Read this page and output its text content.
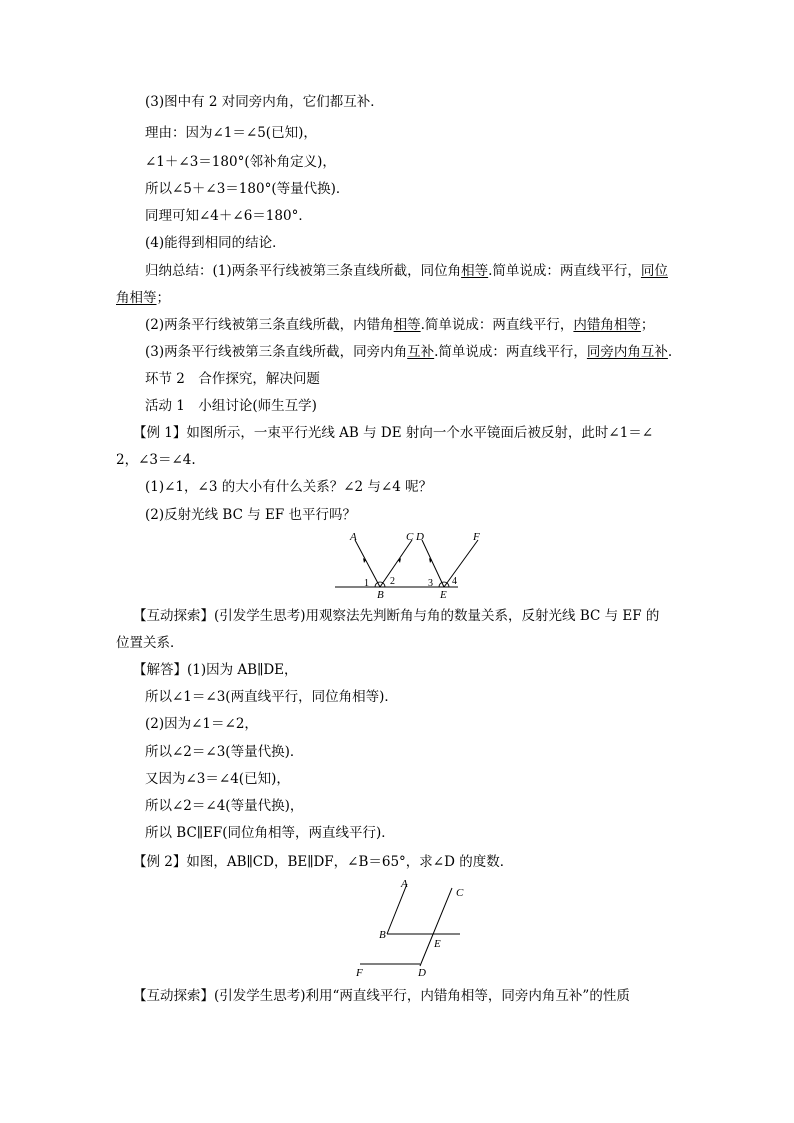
(3)图中有 2 对同旁内角，它们都互补．
理由：因为∠1＝∠5(已知)，
∠1＋∠3＝180°(邻补角定义)，
所以∠5＋∠3＝180°(等量代换)．
同理可知∠4＋∠6＝180°．
(4)能得到相同的结论．
归纳总结：(1)两条平行线被第三条直线所截，同位角相等.简单说成：两直线平行，同位
角相等；
(2)两条平行线被第三条直线所截，内错角相等.简单说成：两直线平行，内错角相等；
(3)两条平行线被第三条直线所截，同旁内角互补.简单说成：两直线平行，同旁内角互补.
环节 2　合作探究，解决问题
活动 1　小组讨论(师生互学)
【例 1】如图所示，一束平行光线 AB 与 DE 射向一个水平镜面后被反射，此时∠1＝∠
2，∠3＝∠4.
(1)∠1，∠3 的大小有什么关系？∠2 与∠4 呢？
(2)反射光线 BC 与 EF 也平行吗？
A	C D	F
B	E
1 2	3 4
【互动探索】(引发学生思考)用观察法先判断角与角的数量关系，反射光线 BC 与 EF 的
位置关系．
【解答】(1)因为 AB∥DE，
所以∠1＝∠3(两直线平行，同位角相等)．
(2)因为∠1＝∠2，
所以∠2＝∠3(等量代换)．
又因为∠3＝∠4(已知)，
所以∠2＝∠4(等量代换)，
所以 BC∥EF(同位角相等，两直线平行)．
【例 2】如图，AB∥CD，BE∥DF，∠B＝65°，求∠D 的度数．
A
C
B
E
F	D
【互动探索】(引发学生思考)利用“两直线平行，内错角相等，同旁内角互补”的性质
